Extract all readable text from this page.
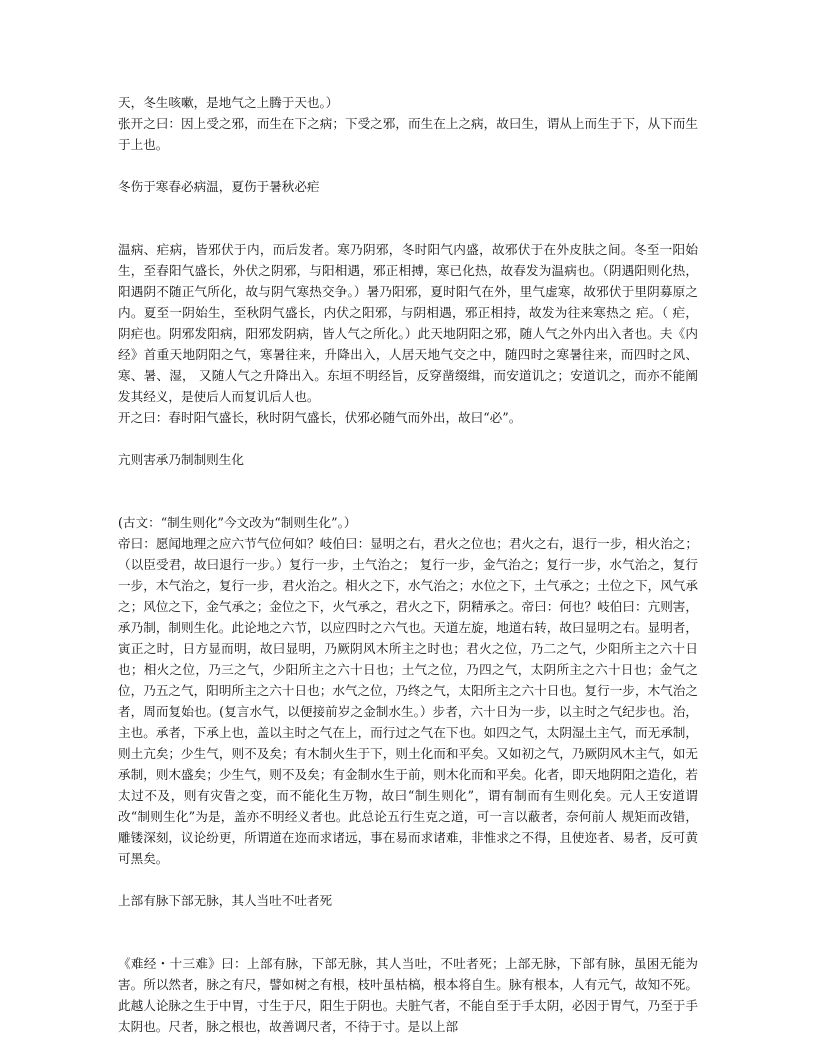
天，冬生咳嗽，是地气之上腾于天也。）

张开之曰：因上受之邪，而生在下之病；下受之邪，而生在上之病，故曰生，谓从上而生于下，从下而生于上也。

冬伤于寒春必病温，夏伤于暑秋必疟

温病、疟病，皆邪伏于内，而后发者。寒乃阴邪，冬时阳气内盛，故邪伏于在外皮肤之间。冬至一阳始生，至春阳气盛长，外伏之阴邪，与阳相遇，邪正相搏，寒已化热，故春发为温病也。（阴遇阳则化热，阳遇阴不随正气所化，故与阴气寒热交争。）暑乃阳邪，夏时阳气在外，里气虚寒，故邪伏于里阴募原之内。夏至一阴始生，至秋阴气盛长，内伏之阳邪，与阴相遇，邪正相持，故发为往来寒热之 疟。（ 疟，阴疟也。阴邪发阳病，阳邪发阴病，皆人气之所化。）此天地阴阳之邪，随人气之外内出入者也。夫《内经》首重天地阴阳之气，寒暑往来，升降出入，人居天地气交之中，随四时之寒暑往来，而四时之风、寒、暑、湿， 又随人气之升降出入。东垣不明经旨，反穿凿缀缉，而安道讥之；安道讥之，而亦不能阐发其经义，是使后人而复讥后人也。

开之曰：春时阳气盛长，秋时阴气盛长，伏邪必随气而外出，故曰“必”。

亢则害承乃制制则生化

(古文：“制生则化”今文改为“制则生化”。）

帝曰：愿闻地理之应六节气位何如？岐伯曰：显明之右，君火之位也；君火之右，退行一步，相火治之；（以臣受君，故曰退行一步。）复行一步，土气治之； 复行一步，金气治之；复行一步，水气治之，复行一步，木气治之，复行一步，君火治之。相火之下，水气治之；水位之下，土气承之；土位之下，风气承之；风位之下，金气承之；金位之下，火气承之，君火之下，阴精承之。帝曰：何也？岐伯曰：亢则害，承乃制，制则生化。此论地之六节，以应四时之六气也。天道左旋，地道右转，故曰显明之右。显明者，寅正之时，日方显而明，故曰显明，乃厥阴风木所主之时也；君火之位，乃二之气，少阳所主之六十日也；相火之位，乃三之气，少阳所主之六十日也；土气之位，乃四之气，太阴所主之六十日也；金气之位，乃五之气，阳明所主之六十日也；水气之位，乃终之气，太阳所主之六十日也。复行一步，木气治之者，周而复始也。(复言水气，以便接前岁之金制水生。）步者，六十日为一步，以主时之气纪步也。治，主也。承者，下承上也，盖以主时之气在上，而行过之气在下也。如四之气，太阴湿土主气，而无承制，则土亢矣；少生气，则不及矣；有木制火生于下，则土化而和平矣。又如初之气，乃厥阴风木主气，如无承制，则木盛矣；少生气，则不及矣；有金制水生于前，则木化而和平矣。化者，即天地阴阳之造化，若太过不及，则有灾眚之变，而不能化生万物，故曰“制生则化”，谓有制而有生则化矣。元人王安道谓改“制则生化”为是，盖亦不明经义者也。此总论五行生克之道，可一言以蔽者，奈何前人 规矩而改错，雕镂深刻，议论纷更，所谓道在迩而求诸远，事在易而求诸难，非惟求之不得，且使迩者、易者，反可黄可黑矣。

上部有脉下部无脉，其人当吐不吐者死

《难经・十三难》曰：上部有脉，下部无脉，其人当吐，不吐者死；上部无脉，下部有脉，虽困无能为害。所以然者，脉之有尺，譬如树之有根，枝叶虽枯槁，根本将自生。脉有根本，人有元气，故知不死。此越人论脉之生于中胃，寸生于尺，阳生于阴也。夫脏气者，不能自至于手太阴，必因于胃气，乃至于手太阴也。尺者，脉之根也，故善调尺者，不待于寸。是以上部
